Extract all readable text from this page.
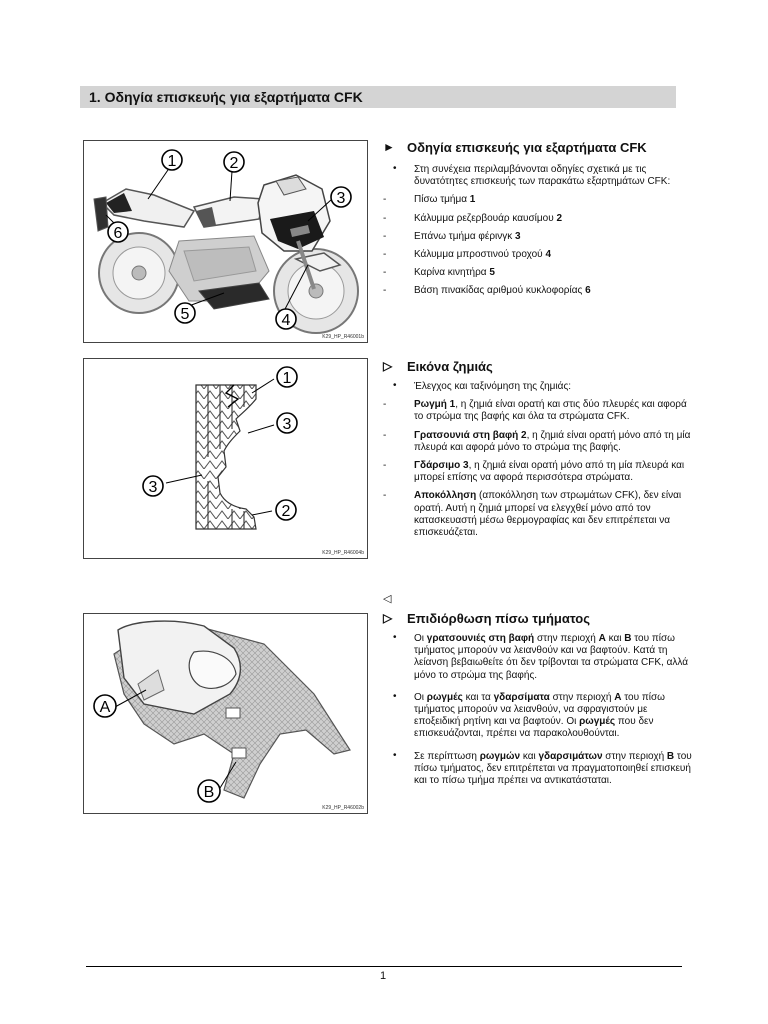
1. Οδηγία επισκευής για εξαρτήματα CFK
1	2
3
4
5
6
K29_HP_R46001b
1
3
3
2
K29_HP_R46004b
A
B
K29_HP_R46002b
► Οδηγία επισκευής για εξαρτήματα CFK
• Στη συνέχεια περιλαμβάνονται οδηγίες σχετικά με τις δυνατότητες επισκευής των παρακάτω εξαρτημάτων CFK:
-	Πίσω τμήμα 1
-	Κάλυμμα ρεζερβουάρ καυσίμου 2
-	Επάνω τμήμα φέρινγκ 3
-	Κάλυμμα μπροστινού τροχού 4
-	Καρίνα κινητήρα 5
-	Βάση πινακίδας αριθμού κυκλοφορίας 6
▷ Εικόνα ζημιάς
• Έλεγχος και ταξινόμηση της ζημιάς:
-	Ρωγμή 1, η ζημιά είναι ορατή και στις δύο πλευρές και αφορά το στρώμα της βαφής και όλα τα στρώματα CFK.
-	Γρατσουνιά στη βαφή 2, η ζημιά είναι ορατή μόνο από τη μία πλευρά και αφορά μόνο το στρώμα της βαφής.
-	Γδάρσιμο 3, η ζημιά είναι ορατή μόνο από τη μία πλευρά και μπορεί επίσης να αφορά περισσότερα στρώματα.
-	Αποκόλληση (αποκόλληση των στρωμάτων CFK), δεν είναι ορατή. Αυτή η ζημιά μπορεί να ελεγχθεί μόνο από τον κατασκευαστή μέσω θερμογραφίας και δεν επιτρέπεται να επισκευάζεται.
◁
▷ Επιδιόρθωση πίσω τμήματος
• Οι γρατσουνιές στη βαφή στην περιοχή A και B του πίσω τμήματος μπορούν να λειανθούν και να βαφτούν. Κατά τη λείανση βεβαιωθείτε ότι δεν τρίβονται τα στρώματα CFK, αλλά μόνο το στρώμα της βαφής.
• Οι ρωγμές και τα γδαρσίματα στην περιοχή A του πίσω τμήματος μπορούν να λειανθούν, να σφραγιστούν με εποξειδική ρητίνη και να βαφτούν. Οι ρωγμές που δεν επισκευάζονται, πρέπει να παρακολουθούνται.
• Σε περίπτωση ρωγμών και γδαρσιμάτων στην περιοχή B του πίσω τμήματος, δεν επιτρέπεται να πραγματοποιηθεί επισκευή και το πίσω τμήμα πρέπει να αντικατάσταται.
1
